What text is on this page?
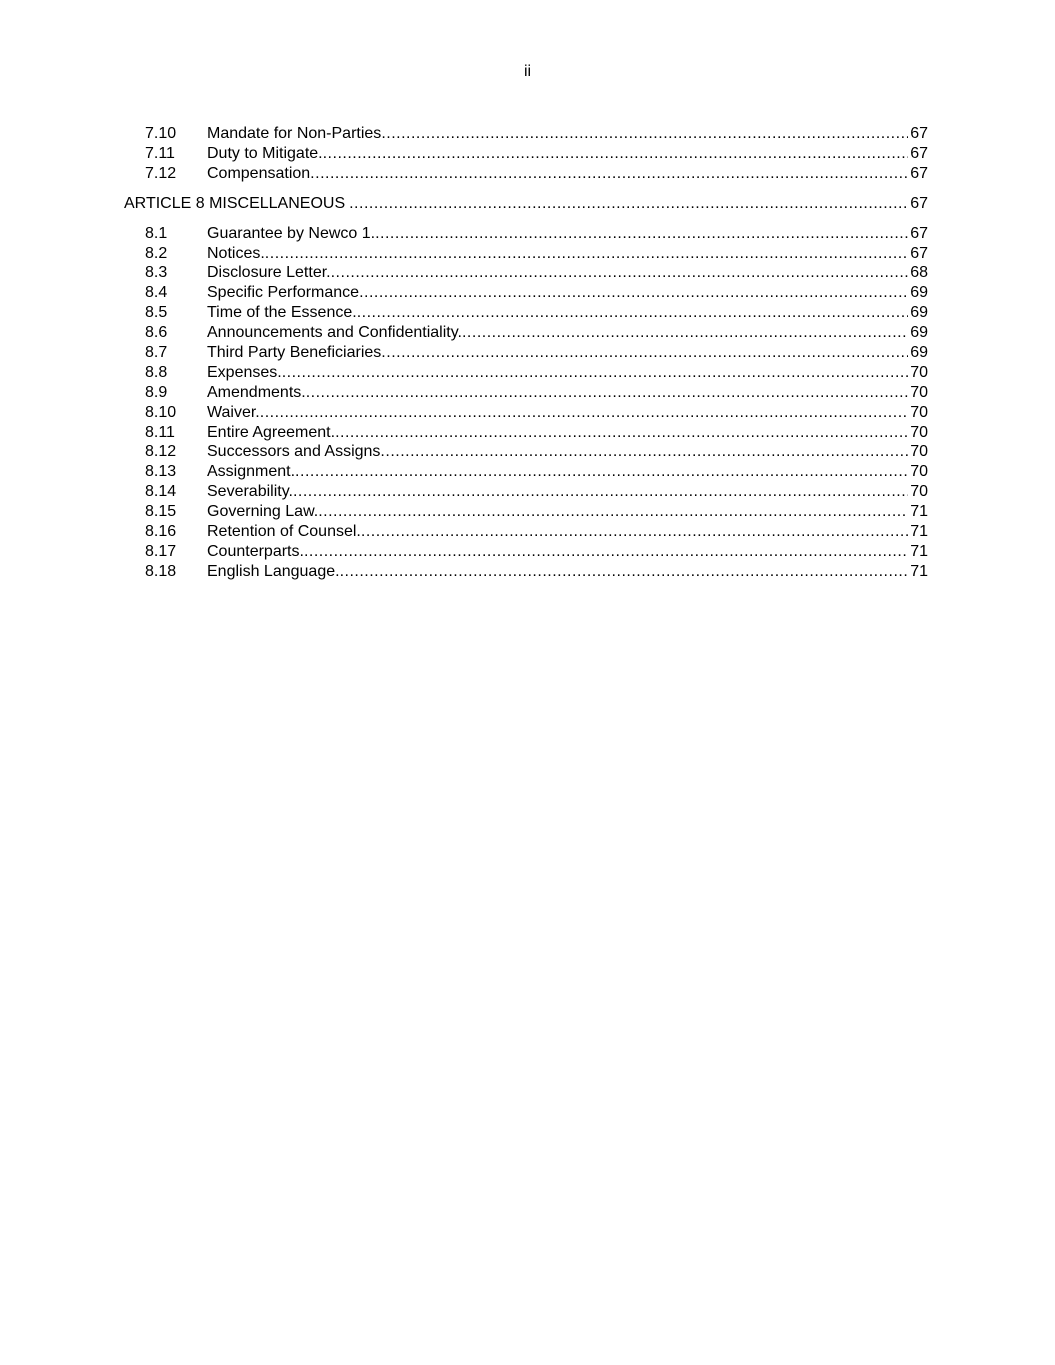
ii
7.10 Mandate for Non-Parties .....	67
7.11 Duty to Mitigate. .....	67
7.12 Compensation .....	67
ARTICLE 8 MISCELLANEOUS .....	67
8.1 Guarantee by Newco 1. .....	67
8.2 Notices. .....	67
8.3 Disclosure Letter. .....	68
8.4 Specific Performance .....	69
8.5 Time of the Essence. .....	69
8.6 Announcements and Confidentiality. .....	69
8.7 Third Party Beneficiaries .....	69
8.8 Expenses. .....	70
8.9 Amendments. .....	70
8.10 Waiver. .....	70
8.11 Entire Agreement. .....	70
8.12 Successors and Assigns .....	70
8.13 Assignment. .....	70
8.14 Severability. .....	70
8.15 Governing Law. .....	71
8.16 Retention of Counsel. .....	71
8.17 Counterparts. .....	71
8.18 English Language. .....	71
